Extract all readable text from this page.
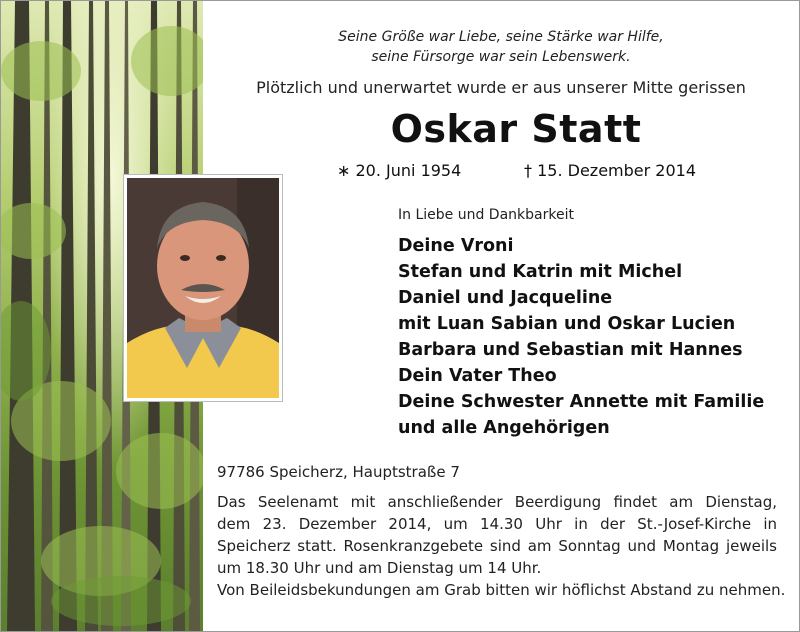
Seine Größe war Liebe, seine Stärke war Hilfe,
seine Fürsorge war sein Lebenswerk.
Plötzlich und unerwartet wurde er aus unserer Mitte gerissen
Oskar Statt
∗ 20. Juni 1954	† 15. Dezember 2014
In Liebe und Dankbarkeit
Deine Vroni
Stefan und Katrin mit Michel
Daniel und Jacqueline
mit Luan Sabian und Oskar Lucien
Barbara und Sebastian mit Hannes
Dein Vater Theo
Deine Schwester Annette mit Familie
und alle Angehörigen
97786 Speicherz, Hauptstraße 7
Das Seelenamt mit anschließender Beerdigung findet am Dienstag,
dem 23. Dezember 2014, um 14.30 Uhr in der St.-Josef-Kirche in
Speicherz statt. Rosenkranzgebete sind am Sonntag und Montag jeweils
um 18.30 Uhr und am Dienstag um 14 Uhr.
Von Beileidsbekundungen am Grab bitten wir höflichst Abstand zu nehmen.
